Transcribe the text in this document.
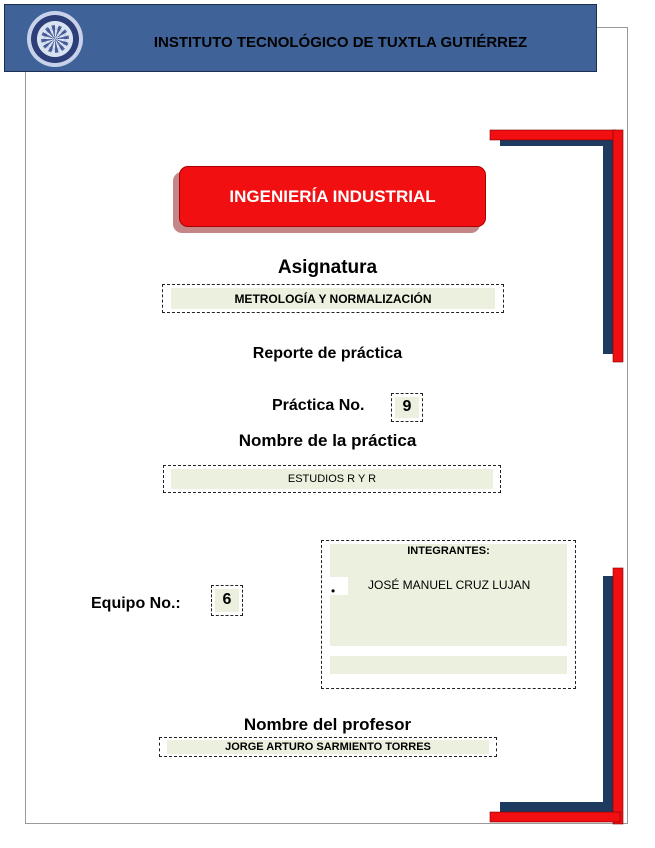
INSTITUTO TECNOLÓGICO DE TUXTLA GUTIÉRREZ
INGENIERÍA INDUSTRIAL
Asignatura
METROLOGÍA Y NORMALIZACIÓN
Reporte de práctica
Práctica No.	9
Nombre de la práctica
ESTUDIOS R Y R
INTEGRANTES:
•	JOSÉ MANUEL CRUZ LUJAN
Equipo No.:	6
Nombre del profesor
JORGE ARTURO SARMIENTO TORRES
